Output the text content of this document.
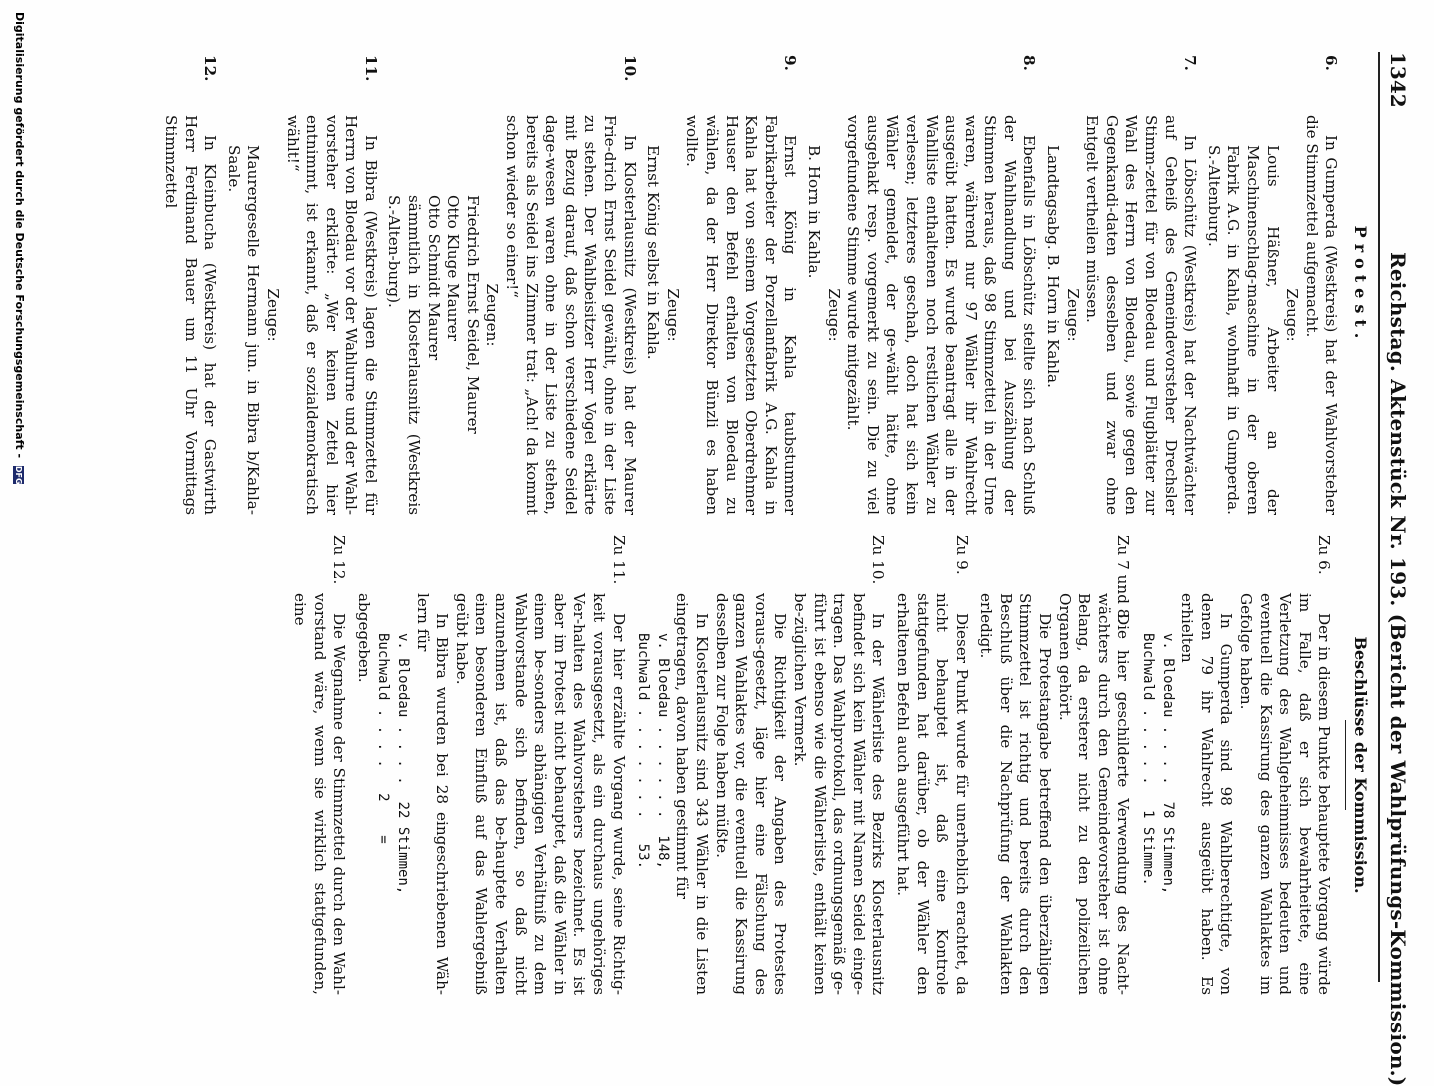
1342
Reichstag. Aktenstück Nr. 193. (Bericht der Wahlprüfungs-Kommission.)
Protest.
6.

In Gumperda (Westkreis) hat der Wahlvorsteher die Stimmzettel aufgemacht.

Zeuge:

Louis Häßner, Arbeiter an der Maschinenschlag-maschine in der oberen Fabrik A.G. in Kahla, wohnhaft in Gumperda. S.-Altenburg.

7.

In Löbschütz (Westkreis) hat der Nachtwächter auf Geheiß des Gemeindevorsteher Drechsler Stimm-zettel für von Bloedau und Flugblätter zur Wahl des Herrn von Bloedau, sowie gegen den Gegenkandi-daten desselben und zwar ohne Entgelt vertheilen müssen.

Zeuge:

Landtagsabg. B. Horn in Kahla.

8.

Ebenfalls in Löbschütz stellte sich nach Schluß der Wahlhandlung und bei Auszählung der Stimmen heraus, daß 98 Stimmzettel in der Urne waren, während nur 97 Wähler ihr Wahlrecht ausgeübt hatten. Es wurde beantragt alle in der Wahlliste enthaltenen noch restlichen Wähler zu verlesen; letzteres geschah, doch hat sich kein Wähler gemeldet, der ge-wählt hätte, ohne ausgehakt resp. vorgemerkt zu sein. Die zu viel vorgefundene Stimme wurde mitgezählt.

Zeuge:

B. Horn in Kahla.

9.

Ernst König in Kahla taubstummer Fabrikarbeiter der Porzellanfabrik A.G. Kahla in Kahla hat von seinem Vorgesetzten Oberdrehmer Hauser den Befehl erhalten von Bloedau zu wählen, da der Herr Direktor Bünzli es haben wollte.

Zeuge:

Ernst König selbst in Kahla.

10.

In Klosterlausnitz (Westkreis) hat der Maurer Frie-drich Ernst Seidel gewählt, ohne in der Liste zu stehen. Der Wahlbeisitzer Herr Vogel erklärte mit Bezug darauf, daß schon verschiedene Seidel dage-wesen waren ohne in der Liste zu stehen, bereits als Seidel ins Zimmer trat: „Ach! da kommt schon wieder so einer!“

Zeugen:

Friedrich Ernst Seidel, Maurer

Otto Kluge Maurer

Otto Schmidt Maurer

sämmtlich in Klosterlausnitz (Westkreis S.-Alten-burg).

11.

In Bibra (Westkreis) lagen die Stimmzettel für Herrn von Bloedau vor der Wahlurne und der Wahl-vorsteher erklärte: „Wer keinen Zettel hier entnimmt, ist erkannt, daß er sozialdemokratisch wählt!“

Zeuge:

Maurergeselle Hermann jun. in Bibra b/Kahla-Saale.

12.

In Kleinbucha (Westkreis) hat der Gastwirth Herr Ferdinand Bauer um 11 Uhr Vormittags Stimmzettel

Beschlüsse der Kommission.
Zu 6.

Der in diesem Punkte behauptete Vorgang würde im Falle, daß er sich bewahrheitete, eine Verletzung des Wahlgeheimnisses bedeuten und eventuell die Kassirung des ganzen Wahlaktes im Gefolge haben.

In Gumperda sind 98 Wahlberechtigte, von denen 79 ihr Wahlrecht ausgeübt haben. Es erhielten

v. Bloedau . . . .  78 Stimmen,

Buchwald . . . . .   1 Stimme.

Zu 7 und 8.

Die hier geschilderte Verwendung des Nacht-wächters durch den Gemeindevorsteher ist ohne Belang, da ersterer nicht zu den polizeilichen Organen gehört.

Die Protestangabe betreffend den überzähligen Stimmzettel ist richtig und bereits durch den Beschluß über die Nachprüfung der Wahlakten erledigt.

Zu 9.

Dieser Punkt wurde für unerheblich erachtet, da nicht behauptet ist, daß eine Kontrole stattgefunden hat darüber, ob der Wähler den erhaltenen Befehl auch ausgeführt hat.

Zu 10.

In der Wählerliste des Bezirks Klosterlausnitz befindet sich kein Wähler mit Namen Seidel einge-tragen. Das Wahlprotokoll, das ordnungsgemäß ge-führt ist ebenso wie die Wählerliste, enthält keinen be-züglichen Vermerk.

Die Richtigkeit der Angaben des Protestes voraus-gesetzt, läge hier eine Fälschung des ganzen Wahlaktes vor, die eventuell die Kassirung desselben zur Folge haben müßte.

In Klosterlausnitz sind 343 Wähler in die Listen eingetragen, davon haben gestimmt für

v. Bloedau . . . . . .  148,

Buchwald . . . . . . .   53.

Zu 11.

Der hier erzählte Vorgang wurde, seine Richtig-keit vorausgesetzt, als ein durchaus ungehöriges Ver-halten des Wahlvorstehers bezeichnet. Es ist aber im Protest nicht behauptet, daß die Wähler in einem be-sonders abhängigen Verhältniß zu dem Wahlvorstande sich befinden, so daß nicht anzunehmen ist, daß das be-hauptete Verhalten einen besonderen Einfluß auf das Wahlergebniß geübt habe.

In Bibra wurden bei 28 eingeschriebenen Wäh-lern für

v. Bloedau . . . .  22 Stimmen,

Buchwald . . . .   2    =

abgegeben.

Zu 12.

Die Wegnahme der Stimmzettel durch den Wahl-vorstand wäre, wenn sie wirklich stattgefunden, eine

Digitalisierung gefördert durch die Deutsche Forschungsgemeinschaft - DFG
